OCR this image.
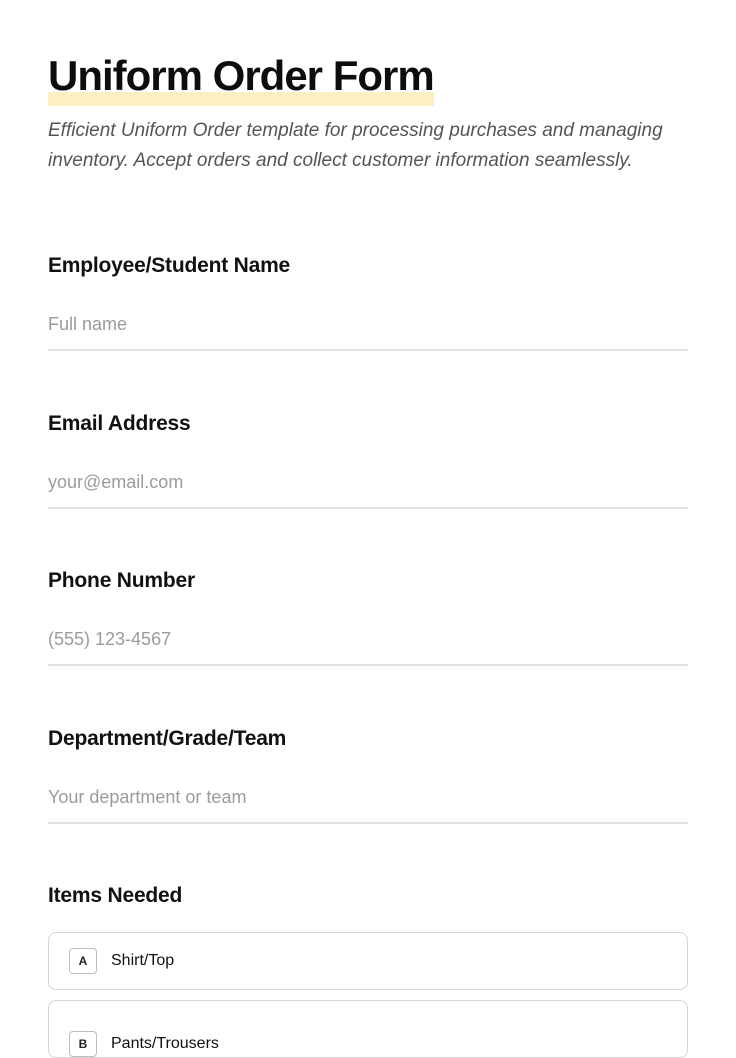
Uniform Order Form

Efficient Uniform Order template for processing purchases and managing inventory. Accept orders and collect customer information seamlessly.

Employee/Student Name
Full name
Email Address
your@email.com
Phone Number
(555) 123-4567
Department/Grade/Team
Your department or team
Items Needed
A	Shirt/Top
B	Pants/Trousers
